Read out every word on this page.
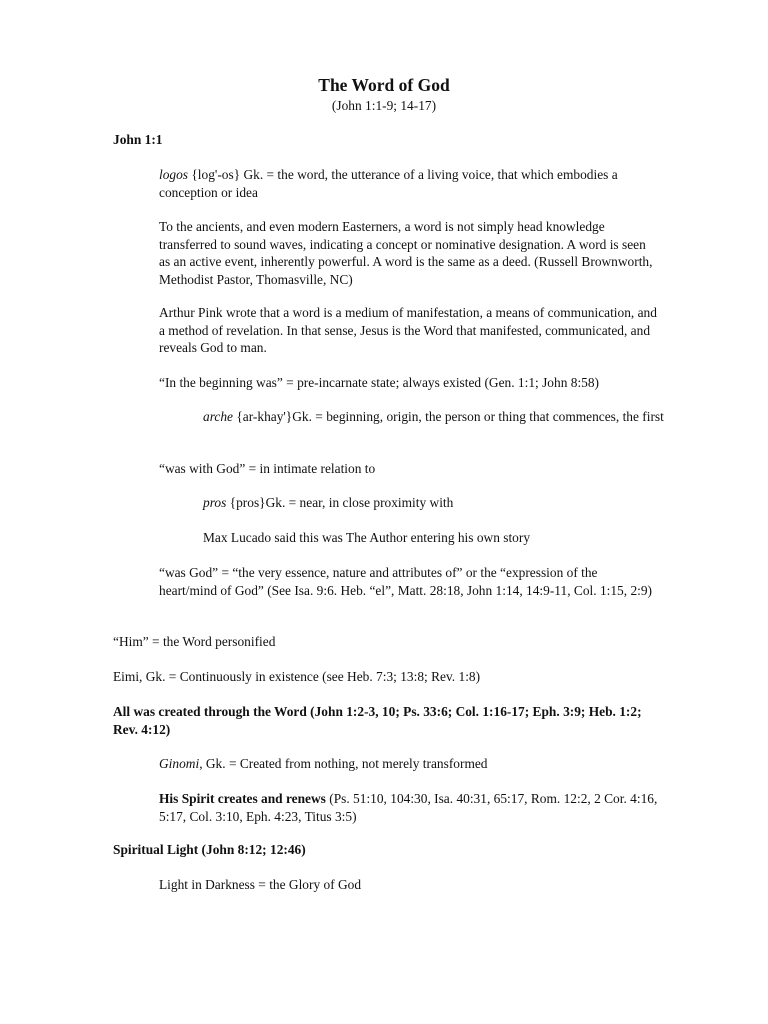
The Word of God
(John 1:1-9; 14-17)

John 1:1

logos {log'-os} Gk. = the word, the utterance of a living voice, that which embodies a conception or idea

To the ancients, and even modern Easterners, a word is not simply head knowledge transferred to sound waves, indicating a concept or nominative designation. A word is seen as an active event, inherently powerful. A word is the same as a deed. (Russell Brownworth, Methodist Pastor, Thomasville, NC)

Arthur Pink wrote that a word is a medium of manifestation, a means of communication, and a method of revelation. In that sense, Jesus is the Word that manifested, communicated, and reveals God to man.

“In the beginning was” = pre-incarnate state; always existed (Gen. 1:1; John 8:58)

arche {ar-khay'}Gk. = beginning, origin, the person or thing that commences, the first

“was with God” = in intimate relation to

pros {pros}Gk. = near, in close proximity with

Max Lucado said this was The Author entering his own story

“was God” = “the very essence, nature and attributes of” or the “expression of the heart/mind of God” (See Isa. 9:6. Heb. “el”, Matt. 28:18, John 1:14, 14:9-11, Col. 1:15, 2:9)

“Him” = the Word personified

Eimi, Gk. = Continuously in existence (see Heb. 7:3; 13:8; Rev. 1:8)

All was created through the Word (John 1:2-3, 10; Ps. 33:6; Col. 1:16-17; Eph. 3:9; Heb. 1:2; Rev. 4:12)

Ginomi, Gk. = Created from nothing, not merely transformed

His Spirit creates and renews (Ps. 51:10, 104:30, Isa. 40:31, 65:17, Rom. 12:2, 2 Cor. 4:16, 5:17, Col. 3:10, Eph. 4:23, Titus 3:5)

Spiritual Light (John 8:12; 12:46)

Light in Darkness = the Glory of God
